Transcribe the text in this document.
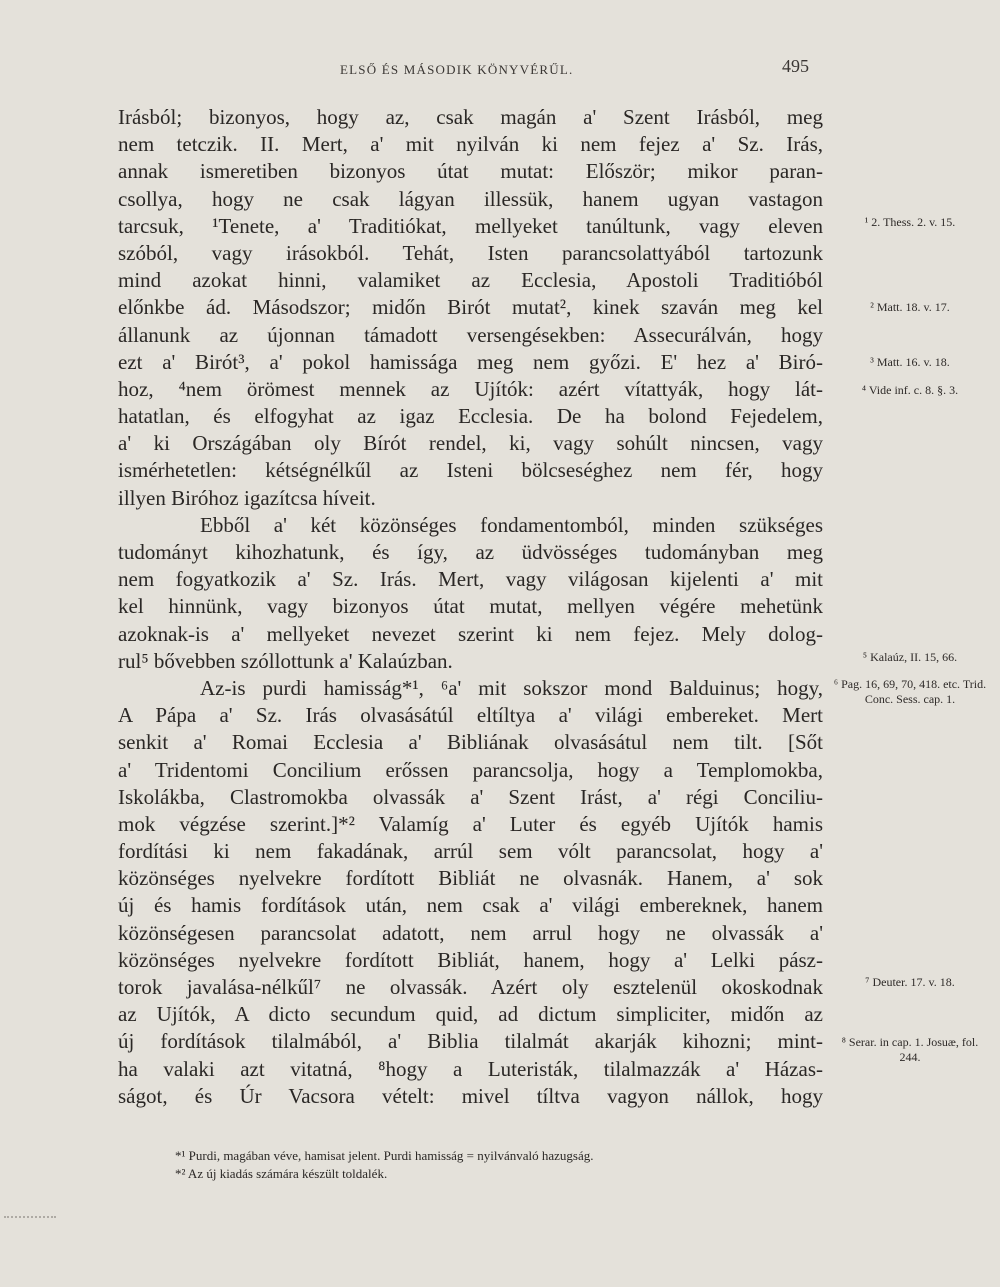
ELSŐ ÉS MÁSODIK KÖNYVÉRŰL.	495
Irásból; bizonyos, hogy az, csak magán a' Szent Irásból, meg
nem tetczik. II. Mert, a' mit nyilván ki nem fejez a' Sz. Irás,
annak ismeretiben bizonyos útat mutat: Először; mikor paran-
csollya, hogy ne csak lágyan illessük, hanem ugyan vastagon
tarcsuk, ¹Tenete, a' Traditiókat, mellyeket tanúltunk, vagy eleven
szóból, vagy irásokból. Tehát, Isten parancsolattyából tartozunk
mind azokat hinni, valamiket az Ecclesia, Apostoli Traditióból
előnkbe ád. Másodszor; midőn Birót mutat², kinek szaván meg kel
állanunk az újonnan támadott versengésekben: Assecurálván, hogy
ezt a' Birót³, a' pokol hamissága meg nem győzi. E' hez a' Biró-
hoz, ⁴nem örömest mennek az Ujítók: azért vítattyák, hogy lát-
hatatlan, és elfogyhat az igaz Ecclesia. De ha bolond Fejedelem,
a' ki Országában oly Bírót rendel, ki, vagy sohúlt nincsen, vagy
ismérhetetlen: kétségnélkűl az Isteni bölcseséghez nem fér, hogy
illyen Biróhoz igazítcsa híveit.
Ebből a' két közönséges fondamentomból, minden szükséges
tudományt kihozhatunk, és így, az üdvösséges tudományban meg
nem fogyatkozik a' Sz. Irás. Mert, vagy világosan kijelenti a' mit
kel hinnünk, vagy bizonyos útat mutat, mellyen végére mehetünk
azoknak-is a' mellyeket nevezet szerint ki nem fejez. Mely dolog-
rul⁵ bővebben szóllottunk a' Kalaúzban.
Az-is purdi hamisság*¹, ⁶a' mit sokszor mond Balduinus; hogy,
A Pápa a' Sz. Irás olvasásátúl eltíltya a' világi embereket. Mert
senkit a' Romai Ecclesia a' Bibliának olvasásátul nem tilt. [Sőt
a' Tridentomi Concilium erőssen parancsolja, hogy a Templomokba,
Iskolákba, Clastromokba olvassák a' Szent Irást, a' régi Conciliu-
mok végzése szerint.]*² Valamíg a' Luter és egyéb Ujítók hamis
fordítási ki nem fakadának, arrúl sem vólt parancsolat, hogy a'
közönséges nyelvekre fordított Bibliát ne olvasnák. Hanem, a' sok
új és hamis fordítások után, nem csak a' világi embereknek, hanem
közönségesen parancsolat adatott, nem arrul hogy ne olvassák a'
közönséges nyelvekre fordított Bibliát, hanem, hogy a' Lelki pász-
torok javalása-nélkűl⁷ ne olvassák. Azért oly esztelenül okoskodnak
az Ujítók, A dicto secundum quid, ad dictum simpliciter, midőn az
új fordítások tilalmából, a' Biblia tilalmát akarják kihozni; mint-
ha valaki azt vitatná, ⁸hogy a Luteristák, tilalmazzák a' Házas-
ságot, és Úr Vacsora vételt: mivel tíltva vagyon nállok, hogy
¹ 2. Thess. 2. v. 15.
² Matt. 18. v. 17.
³ Matt. 16. v. 18.
⁴ Vide inf. c. 8. §. 3.
⁵ Kalaúz, II. 15, 66.
⁶ Pag. 16, 69, 70, 418. etc. Trid. Conc. Sess. cap. 1.
⁷ Deuter. 17. v. 18.
⁸ Serar. in cap. 1. Josuæ, fol. 244.
*¹ Purdi, magában véve, hamisat jelent. Purdi hamisság = nyilvánvaló hazugság.
*² Az új kiadás számára készült toldalék.
